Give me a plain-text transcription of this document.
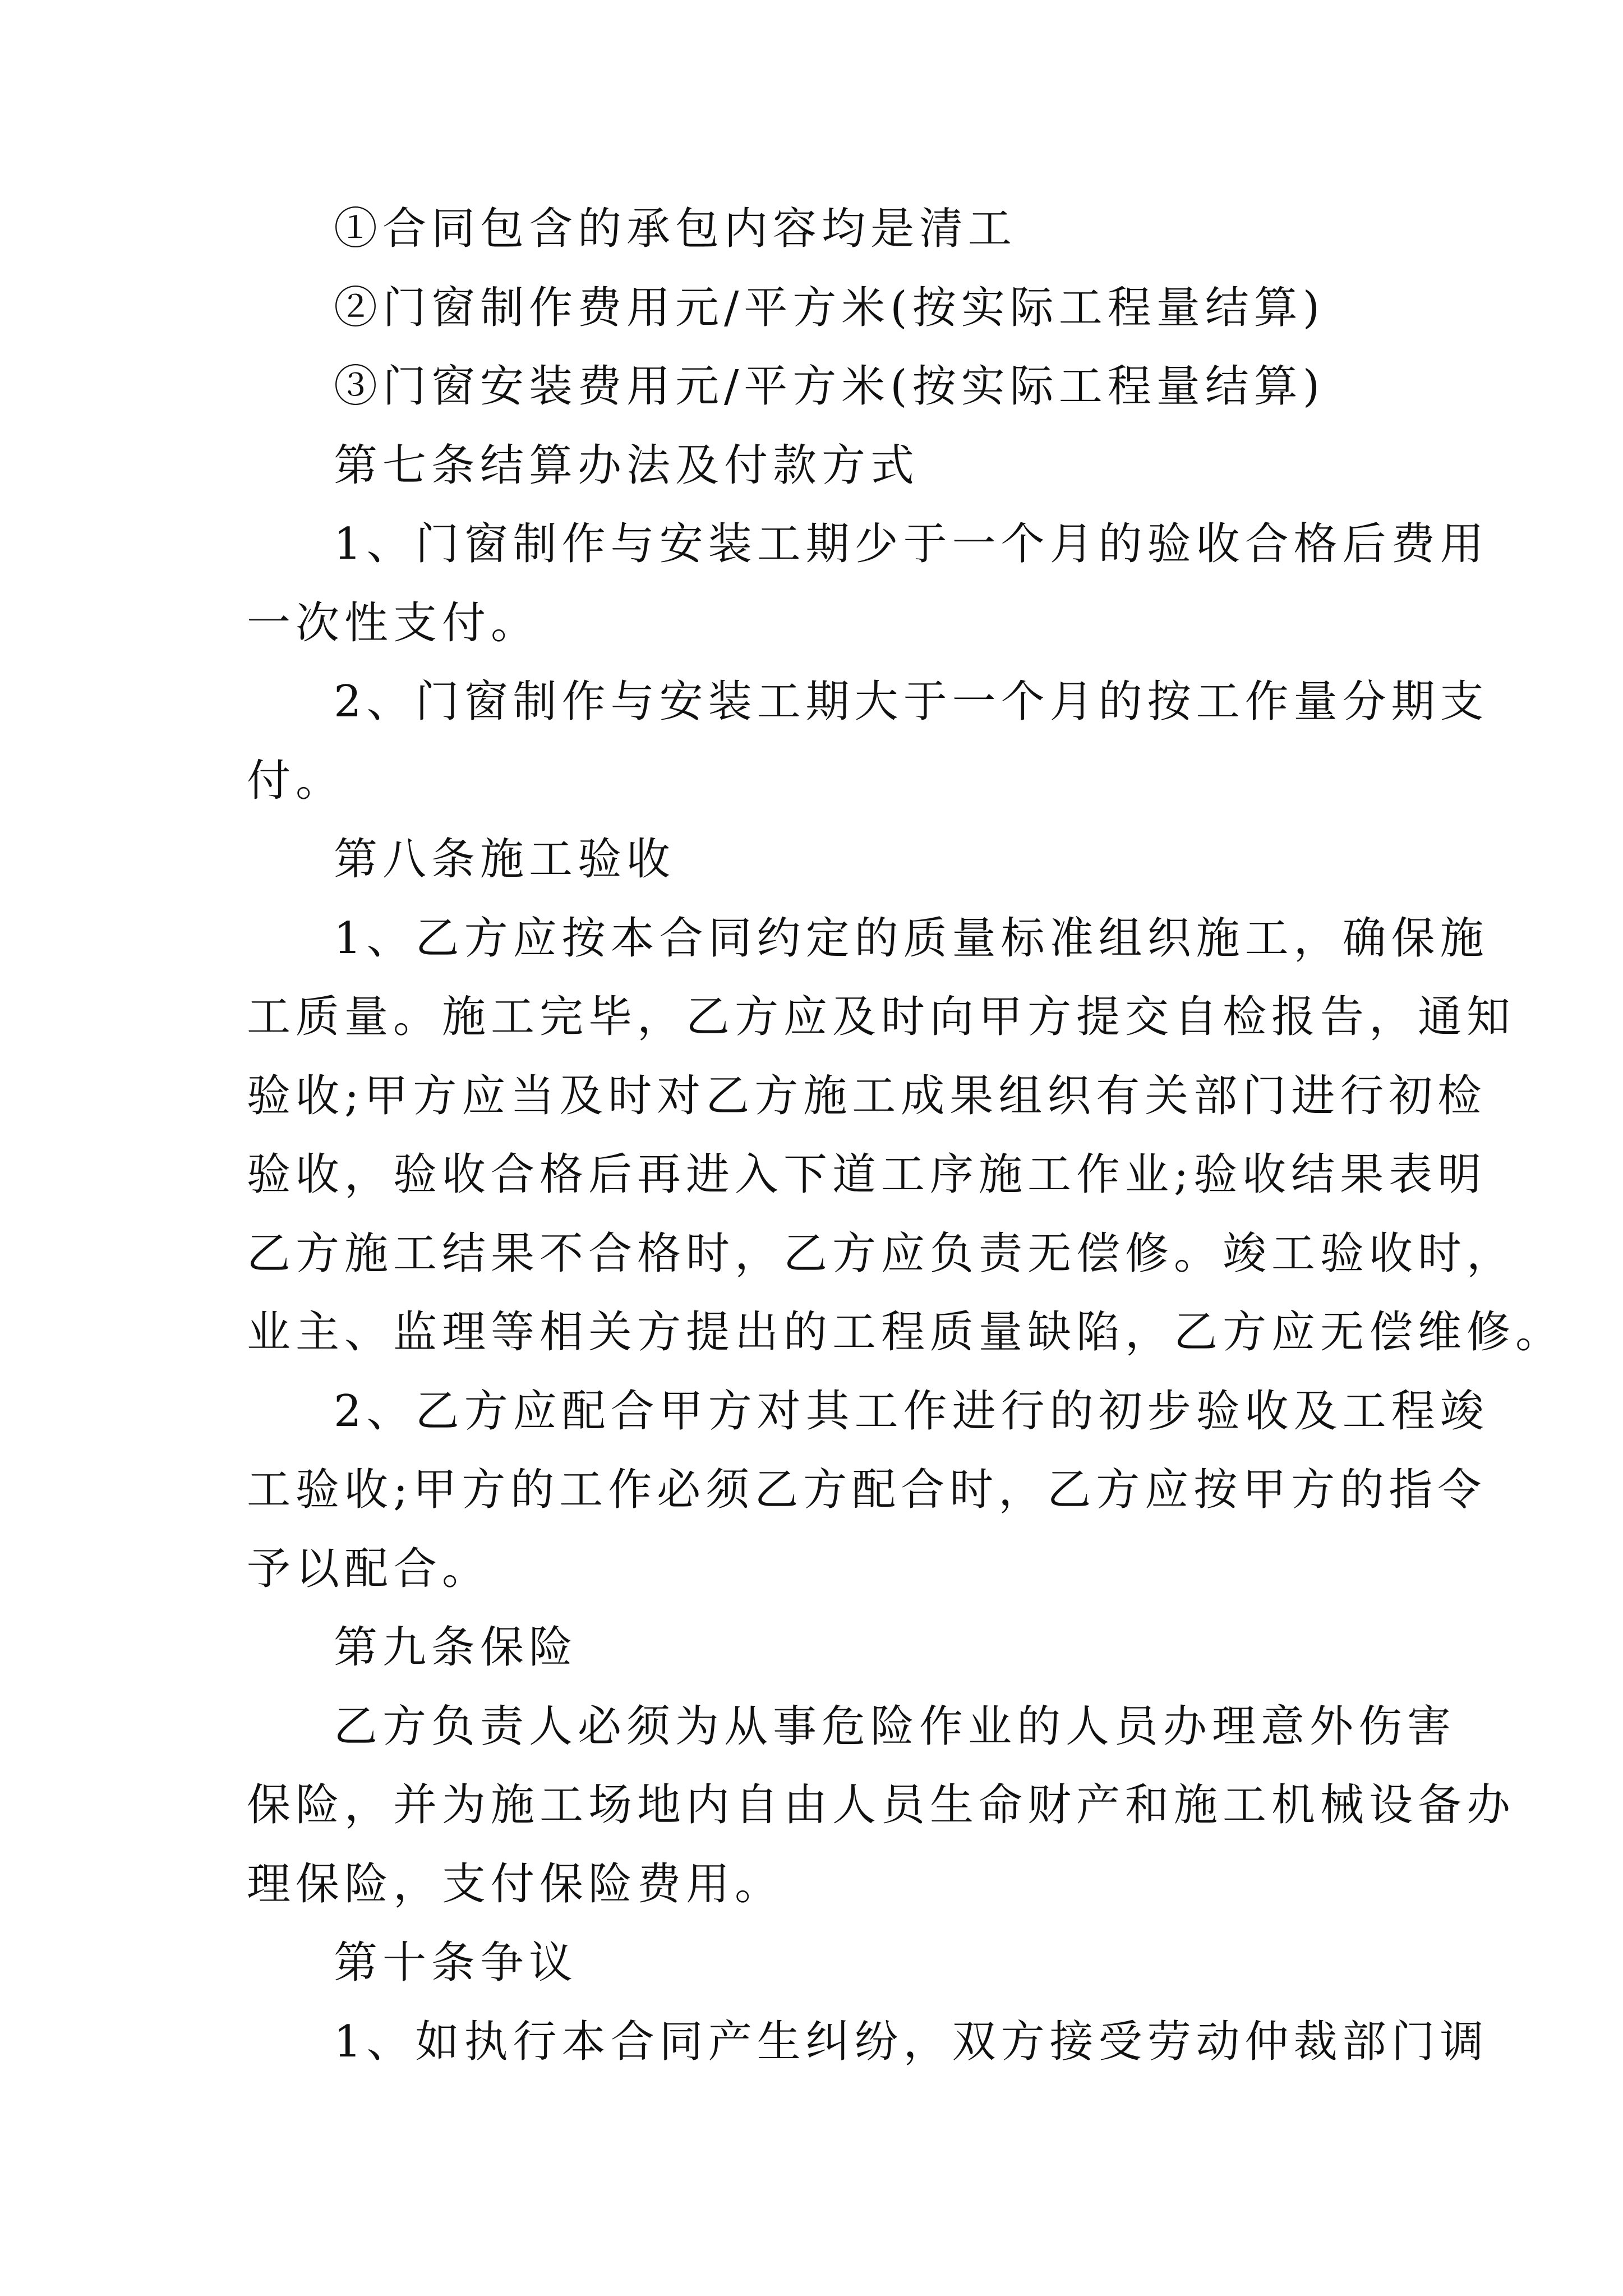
①合同包含的承包内容均是清工
②门窗制作费用元/平方米(按实际工程量结算)
③门窗安装费用元/平方米(按实际工程量结算)
第七条结算办法及付款方式
1、门窗制作与安装工期少于一个月的验收合格后费用
一次性支付。
2、门窗制作与安装工期大于一个月的按工作量分期支
付。
第八条施工验收
1、乙方应按本合同约定的质量标准组织施工，确保施
工质量。施工完毕，乙方应及时向甲方提交自检报告，通知
验收;甲方应当及时对乙方施工成果组织有关部门进行初检
验收，验收合格后再进入下道工序施工作业;验收结果表明
乙方施工结果不合格时，乙方应负责无偿修。竣工验收时，
业主、监理等相关方提出的工程质量缺陷，乙方应无偿维修。
2、乙方应配合甲方对其工作进行的初步验收及工程竣
工验收;甲方的工作必须乙方配合时，乙方应按甲方的指令
予以配合。
第九条保险
乙方负责人必须为从事危险作业的人员办理意外伤害
保险，并为施工场地内自由人员生命财产和施工机械设备办
理保险，支付保险费用。
第十条争议
1、如执行本合同产生纠纷，双方接受劳动仲裁部门调
